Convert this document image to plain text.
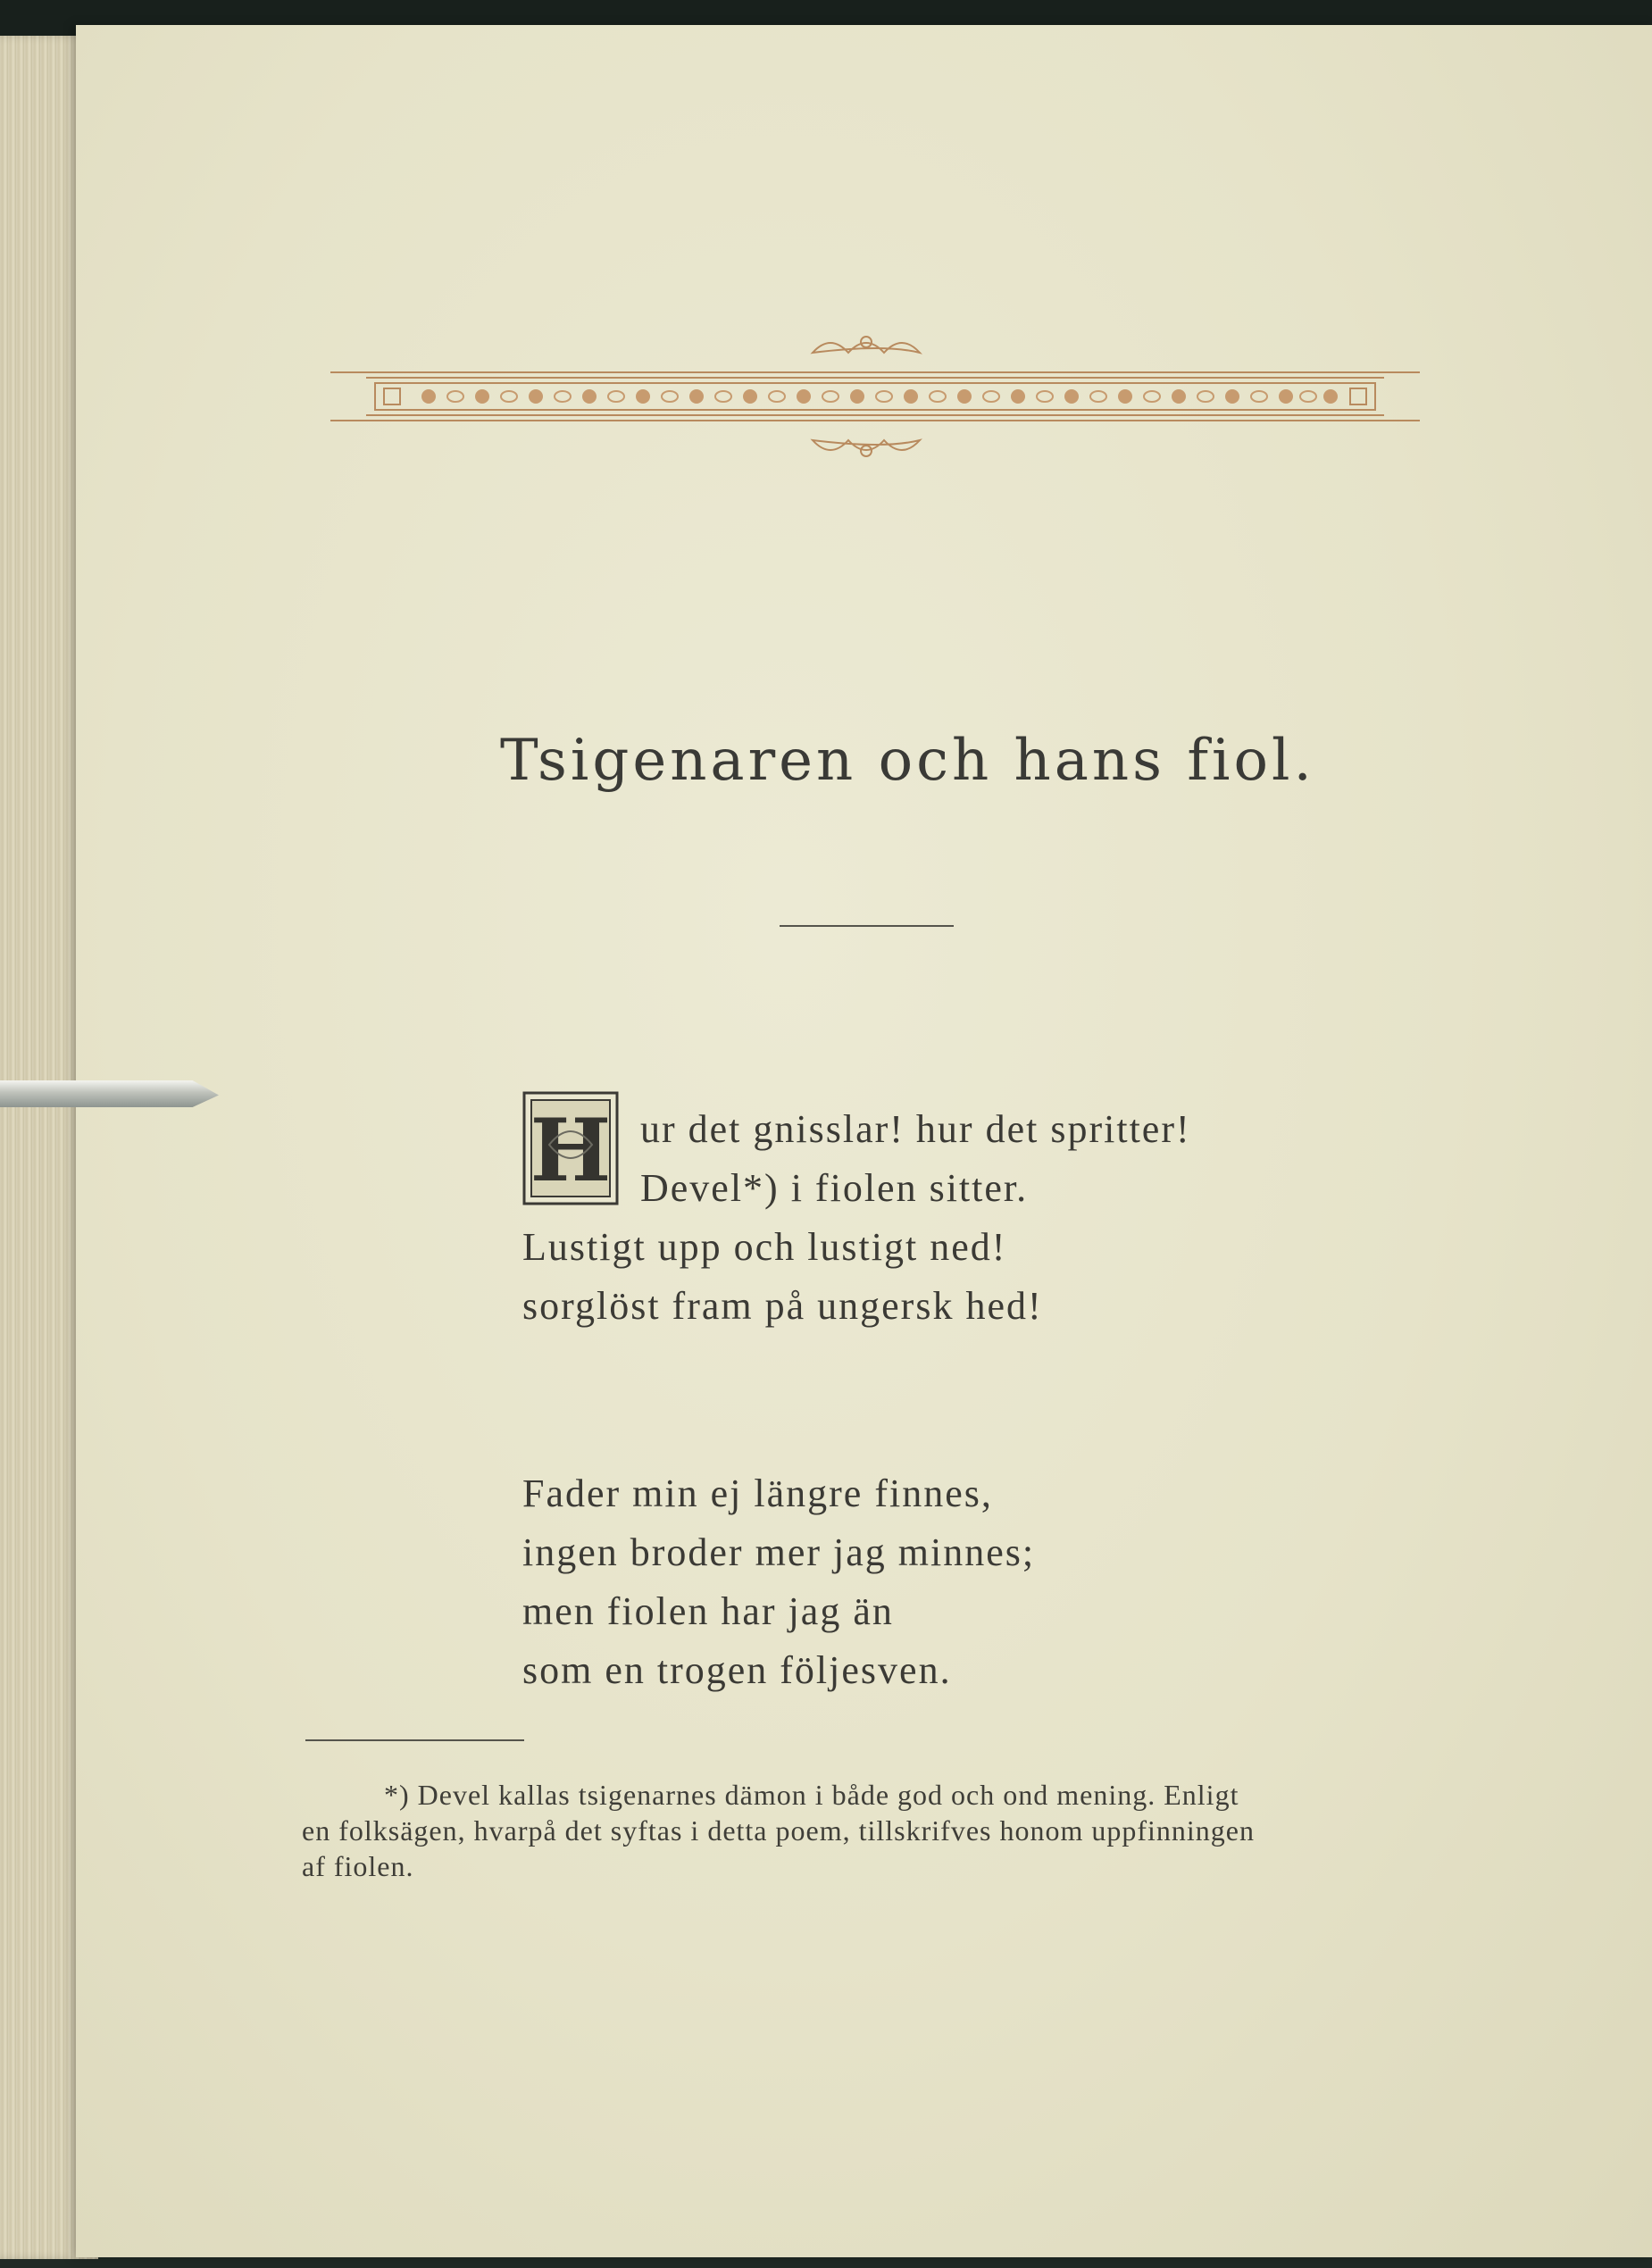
Tsigenaren och hans fiol.
H ur det gnisslar! hur det spritter!
Devel*) i fiolen sitter.
Lustigt upp och lustigt ned!
sorglöst fram på ungersk hed!
Fader min ej längre finnes,
ingen broder mer jag minnes;
men fiolen har jag än
som en trogen följesven.
*) Devel kallas tsigenarnes dämon i både god och ond mening. Enligt
en folksägen, hvarpå det syftas i detta poem, tillskrifves honom uppfinningen
af fiolen.
